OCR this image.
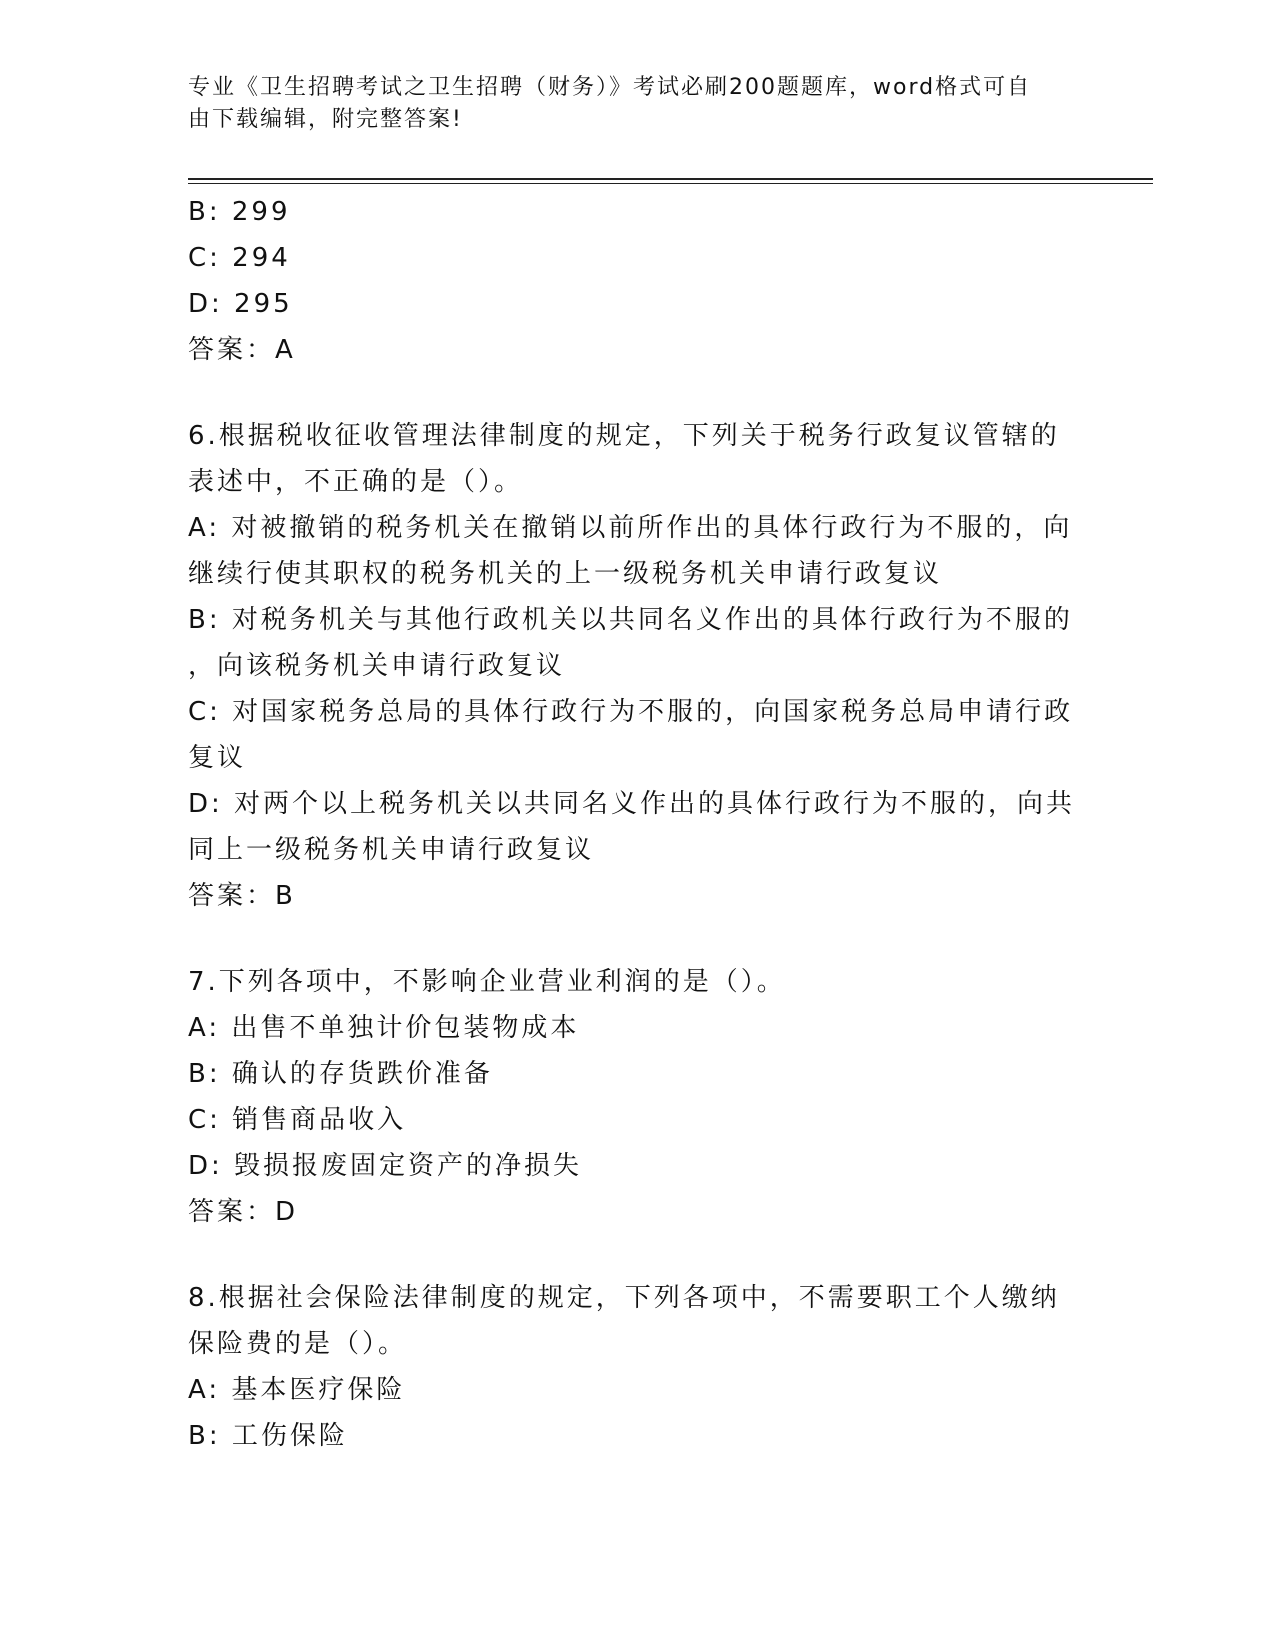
专业《卫生招聘考试之卫生招聘（财务）》考试必刷200题题库，word格式可自
由下载编辑，附完整答案!
B: 299
C: 294
D: 295
答案：A
6.根据税收征收管理法律制度的规定，下列关于税务行政复议管辖的
表述中，不正确的是（）。
A: 对被撤销的税务机关在撤销以前所作出的具体行政行为不服的，向
继续行使其职权的税务机关的上一级税务机关申请行政复议
B: 对税务机关与其他行政机关以共同名义作出的具体行政行为不服的
，向该税务机关申请行政复议
C: 对国家税务总局的具体行政行为不服的，向国家税务总局申请行政
复议
D: 对两个以上税务机关以共同名义作出的具体行政行为不服的，向共
同上一级税务机关申请行政复议
答案：B
7.下列各项中，不影响企业营业利润的是（）。
A: 出售不单独计价包装物成本
B: 确认的存货跌价准备
C: 销售商品收入
D: 毁损报废固定资产的净损失
答案：D
8.根据社会保险法律制度的规定，下列各项中，不需要职工个人缴纳
保险费的是（）。
A: 基本医疗保险
B: 工伤保险
